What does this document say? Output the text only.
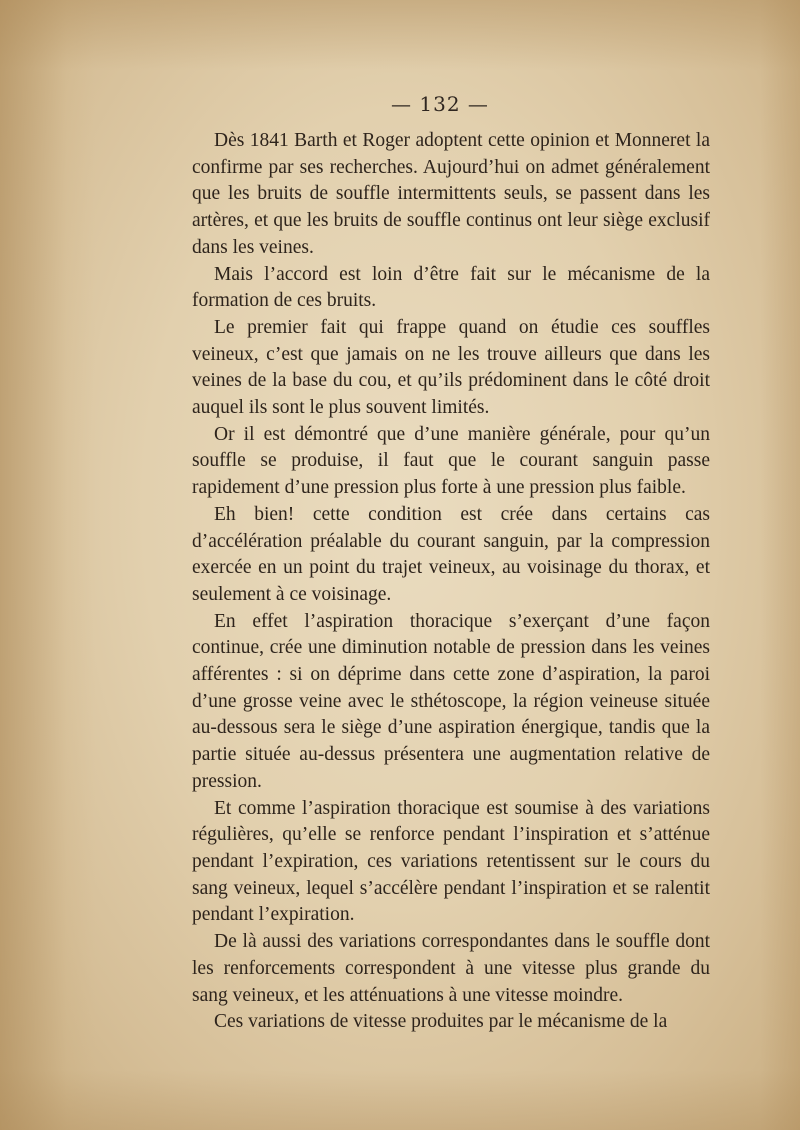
— 132 —

Dès 1841 Barth et Roger adoptent cette opinion et Monneret la confirme par ses recherches. Aujourd’hui on admet généralement que les bruits de souffle intermittents seuls, se passent dans les artères, et que les bruits de souffle continus ont leur siège exclusif dans les veines.

Mais l’accord est loin d’être fait sur le mécanisme de la formation de ces bruits.

Le premier fait qui frappe quand on étudie ces souffles veineux, c’est que jamais on ne les trouve ailleurs que dans les veines de la base du cou, et qu’ils prédominent dans le côté droit auquel ils sont le plus souvent limités.

Or il est démontré que d’une manière générale, pour qu’un souffle se produise, il faut que le courant sanguin passe rapidement d’une pression plus forte à une pression plus faible.

Eh bien! cette condition est crée dans certains cas d’accélération préalable du courant sanguin, par la compression exercée en un point du trajet veineux, au voisinage du thorax, et seulement à ce voisinage.

En effet l’aspiration thoracique s’exerçant d’une façon continue, crée une diminution notable de pression dans les veines afférentes : si on déprime dans cette zone d’aspiration, la paroi d’une grosse veine avec le sthétoscope, la région veineuse située au-dessous sera le siège d’une aspiration énergique, tandis que la partie située au-dessus présentera une augmentation relative de pression.

Et comme l’aspiration thoracique est soumise à des variations régulières, qu’elle se renforce pendant l’inspiration et s’atténue pendant l’expiration, ces variations retentissent sur le cours du sang veineux, lequel s’accélère pendant l’inspiration et se ralentit pendant l’expiration.

De là aussi des variations correspondantes dans le souffle dont les renforcements correspondent à une vitesse plus grande du sang veineux, et les atténuations à une vitesse moindre.

Ces variations de vitesse produites par le mécanisme de la
